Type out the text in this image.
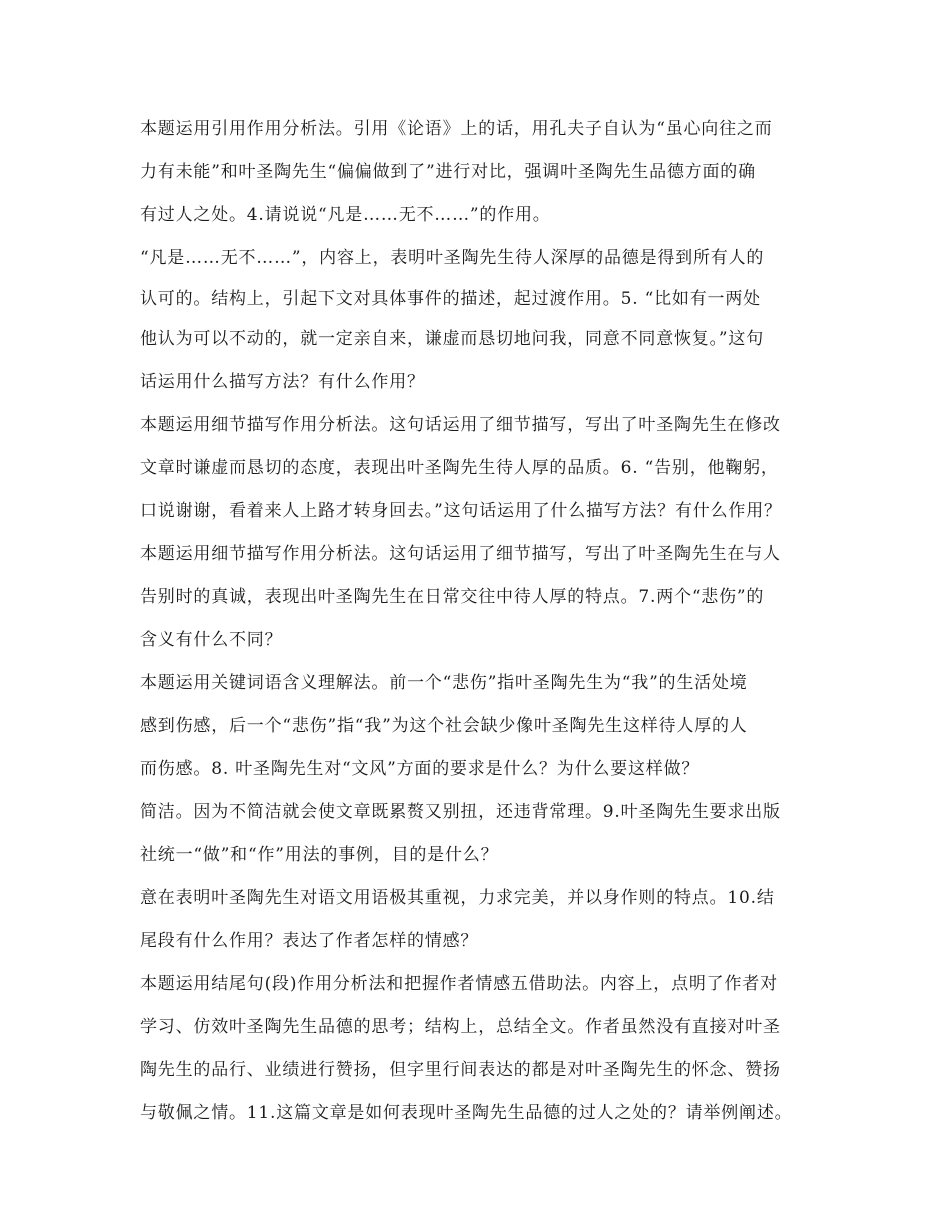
本题运用引用作用分析法。引用《论语》上的话，用孔夫子自认为“虽心向往之而
力有未能”和叶圣陶先生“偏偏做到了”进行对比，强调叶圣陶先生品德方面的确
有过人之处。4.请说说“凡是……无不……”的作用。
“凡是……无不……”，内容上，表明叶圣陶先生待人深厚的品德是得到所有人的
认可的。结构上，引起下文对具体事件的描述，起过渡作用。5. “比如有一两处
他认为可以不动的，就一定亲自来，谦虚而恳切地问我，同意不同意恢复。”这句
话运用什么描写方法？有什么作用？
本题运用细节描写作用分析法。这句话运用了细节描写，写出了叶圣陶先生在修改
文章时谦虚而恳切的态度，表现出叶圣陶先生待人厚的品质。6. “告别，他鞠躬，
口说谢谢，看着来人上路才转身回去。”这句话运用了什么描写方法？有什么作用？
本题运用细节描写作用分析法。这句话运用了细节描写，写出了叶圣陶先生在与人
告别时的真诚，表现出叶圣陶先生在日常交往中待人厚的特点。7.两个“悲伤”的
含义有什么不同？
本题运用关键词语含义理解法。前一个“悲伤”指叶圣陶先生为“我”的生活处境
感到伤感，后一个“悲伤”指“我”为这个社会缺少像叶圣陶先生这样待人厚的人
而伤感。8. 叶圣陶先生对“文风”方面的要求是什么？为什么要这样做？
简洁。因为不简洁就会使文章既累赘又别扭，还违背常理。9.叶圣陶先生要求出版
社统一“做”和“作”用法的事例，目的是什么？
意在表明叶圣陶先生对语文用语极其重视，力求完美，并以身作则的特点。10.结
尾段有什么作用？表达了作者怎样的情感？
本题运用结尾句(段)作用分析法和把握作者情感五借助法。内容上，点明了作者对
学习、仿效叶圣陶先生品德的思考；结构上，总结全文。作者虽然没有直接对叶圣
陶先生的品行、业绩进行赞扬，但字里行间表达的都是对叶圣陶先生的怀念、赞扬
与敬佩之情。11.这篇文章是如何表现叶圣陶先生品德的过人之处的？请举例阐述。
